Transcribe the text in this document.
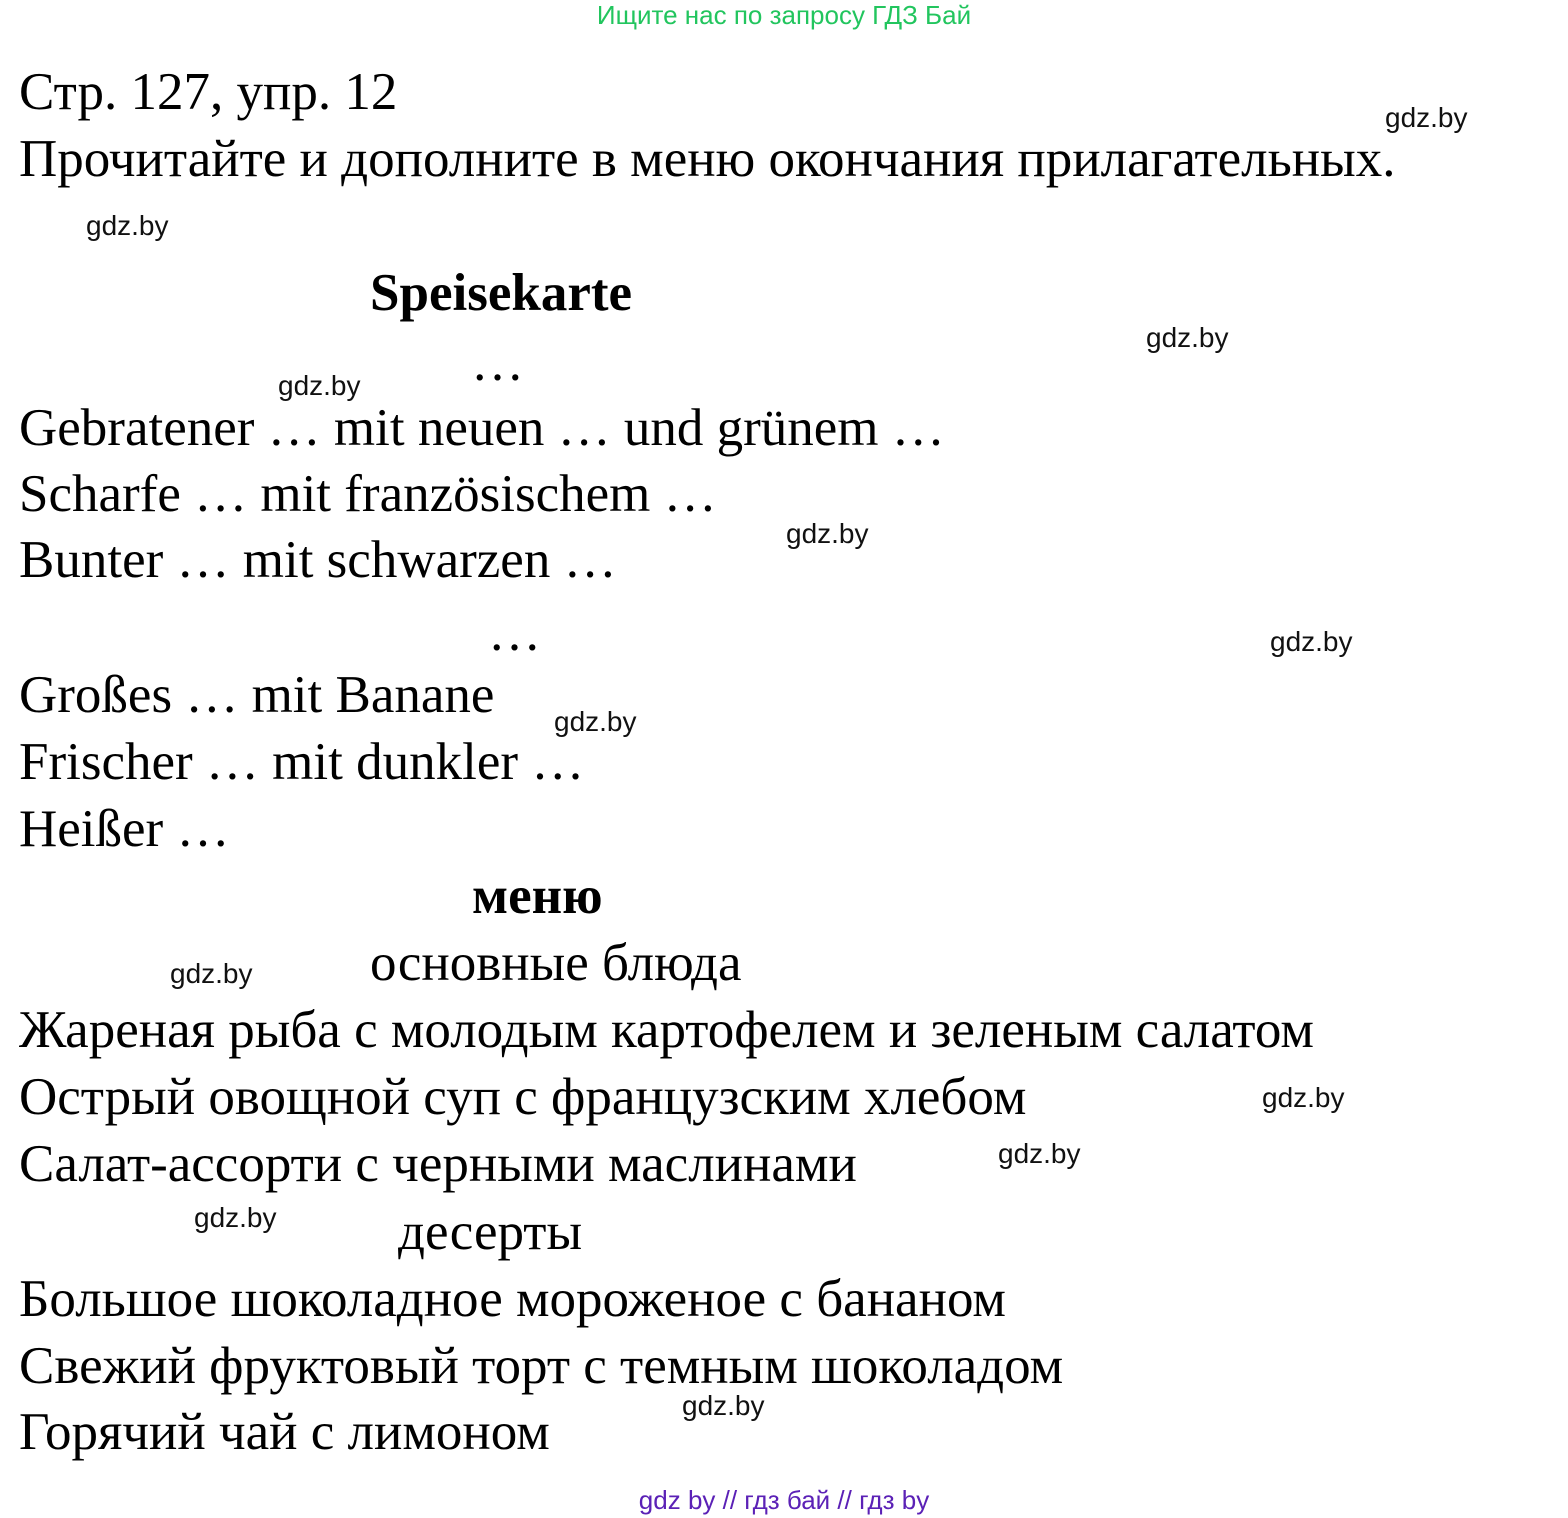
Ищите нас по запросу ГДЗ Бай
Стр. 127, упр. 12
Прочитайте и дополните в меню окончания прилагательных.
Speisekarte
…
Gebratener … mit neuen … und grünem …
Scharfe … mit französischem …
Bunter … mit schwarzen …
…
Großes … mit Banane
Frischer … mit dunkler …
Heißer …
меню
основные блюда
Жареная рыба с молодым картофелем и зеленым салатом
Острый овощной суп с французским хлебом
Салат-ассорти с черными маслинами
десерты
Большое шоколадное мороженое с бананом
Свежий фруктовый торт с темным шоколадом
Горячий чай с лимоном
gdz.by
gdz.by
gdz.by
gdz.by
gdz.by
gdz.by
gdz.by
gdz.by
gdz.by
gdz.by
gdz.by
gdz.by
gdz by // гдз бай // гдз by
